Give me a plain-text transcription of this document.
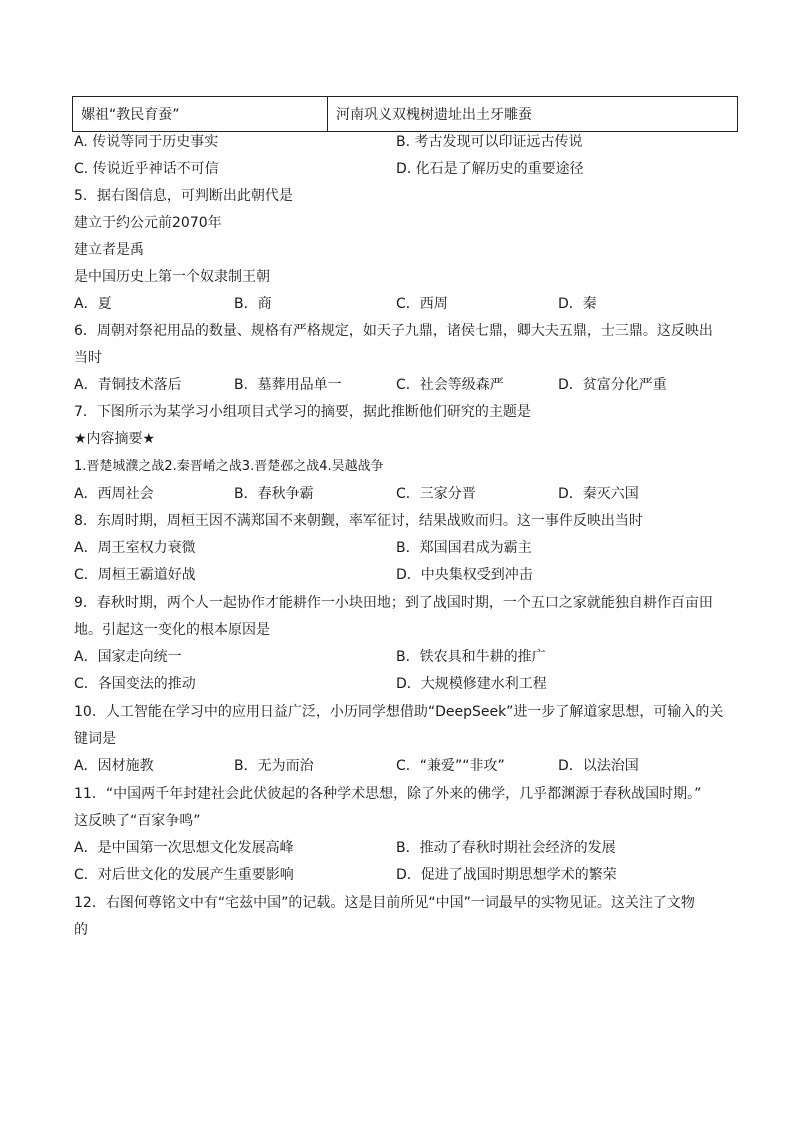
嫘祖“教民育蚕”	河南巩义双槐树遗址出土牙雕蚕
A. 传说等同于历史事实	B. 考古发现可以印证远古传说
C. 传说近乎神话不可信	D. 化石是了解历史的重要途径
5．据右图信息，可判断出此朝代是
建立于约公元前2070年
建立者是禹
是中国历史上第一个奴隶制王朝
A．夏	B．商	C．西周	D．秦
6．周朝对祭祀用品的数量、规格有严格规定，如天子九鼎，诸侯七鼎，卿大夫五鼎，士三鼎。这反映出
当时
A．青铜技术落后	B．墓葬用品单一	C．社会等级森严	D．贫富分化严重
7．下图所示为某学习小组项目式学习的摘要，据此推断他们研究的主题是
★内容摘要★
1.晋楚城濮之战2.秦晋崤之战3.晋楚邲之战4.吴越战争
A．西周社会	B．春秋争霸	C．三家分晋	D．秦灭六国
8．东周时期，周桓王因不满郑国不来朝觐，率军征讨，结果战败而归。这一事件反映出当时
A．周王室权力衰微	B．郑国国君成为霸主
C．周桓王霸道好战	D．中央集权受到冲击
9．春秋时期，两个人一起协作才能耕作一小块田地；到了战国时期，一个五口之家就能独自耕作百亩田
地。引起这一变化的根本原因是
A．国家走向统一	B．铁农具和牛耕的推广
C．各国变法的推动	D．大规模修建水利工程
10．人工智能在学习中的应用日益广泛，小历同学想借助“DeepSeek”进一步了解道家思想，可输入的关
键词是
A．因材施教	B．无为而治	C．“兼爱”“非攻”	D．以法治国
11．“中国两千年封建社会此伏彼起的各种学术思想，除了外来的佛学，几乎都渊源于春秋战国时期。”
这反映了“百家争鸣”
A．是中国第一次思想文化发展高峰	B．推动了春秋时期社会经济的发展
C．对后世文化的发展产生重要影响	D．促进了战国时期思想学术的繁荣
12．右图何尊铭文中有“宅兹中国”的记载。这是目前所见“中国”一词最早的实物见证。这关注了文物
的
